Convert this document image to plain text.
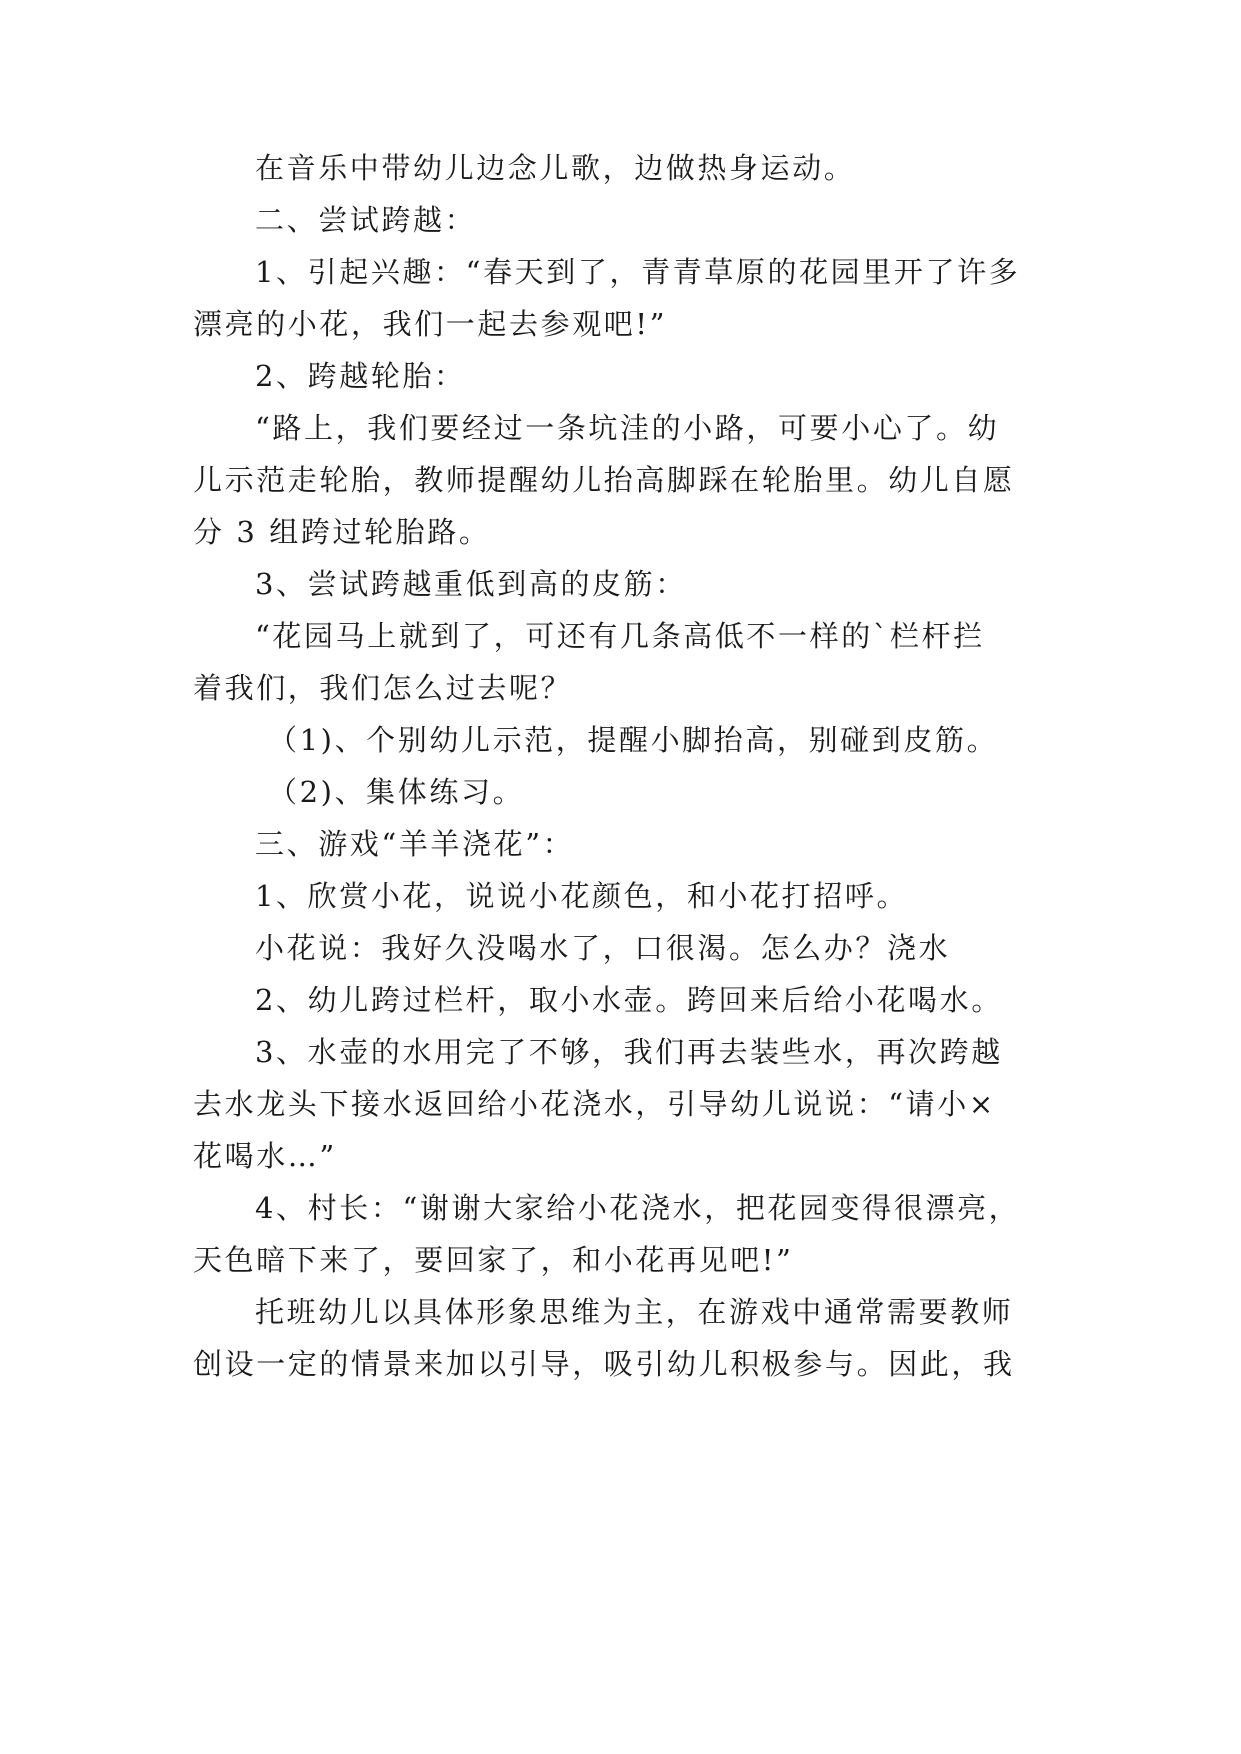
在音乐中带幼儿边念儿歌，边做热身运动。
二、尝试跨越：
1、引起兴趣：“春天到了，青青草原的花园里开了许多
漂亮的小花，我们一起去参观吧!”
2、跨越轮胎：
“路上，我们要经过一条坑洼的小路，可要小心了。幼
儿示范走轮胎，教师提醒幼儿抬高脚踩在轮胎里。幼儿自愿
分 3 组跨过轮胎路。
3、尝试跨越重低到高的皮筋：
“花园马上就到了，可还有几条高低不一样的`栏杆拦
着我们，我们怎么过去呢？
（1)、个别幼儿示范，提醒小脚抬高，别碰到皮筋。
（2)、集体练习。
三、游戏“羊羊浇花”：
1、欣赏小花，说说小花颜色，和小花打招呼。
小花说：我好久没喝水了，口很渴。怎么办？浇水
2、幼儿跨过栏杆，取小水壶。跨回来后给小花喝水。
3、水壶的水用完了不够，我们再去装些水，再次跨越
去水龙头下接水返回给小花浇水，引导幼儿说说：“请小×
花喝水…”
4、村长：“谢谢大家给小花浇水，把花园变得很漂亮，
天色暗下来了，要回家了，和小花再见吧!”
托班幼儿以具体形象思维为主，在游戏中通常需要教师
创设一定的情景来加以引导，吸引幼儿积极参与。因此，我
